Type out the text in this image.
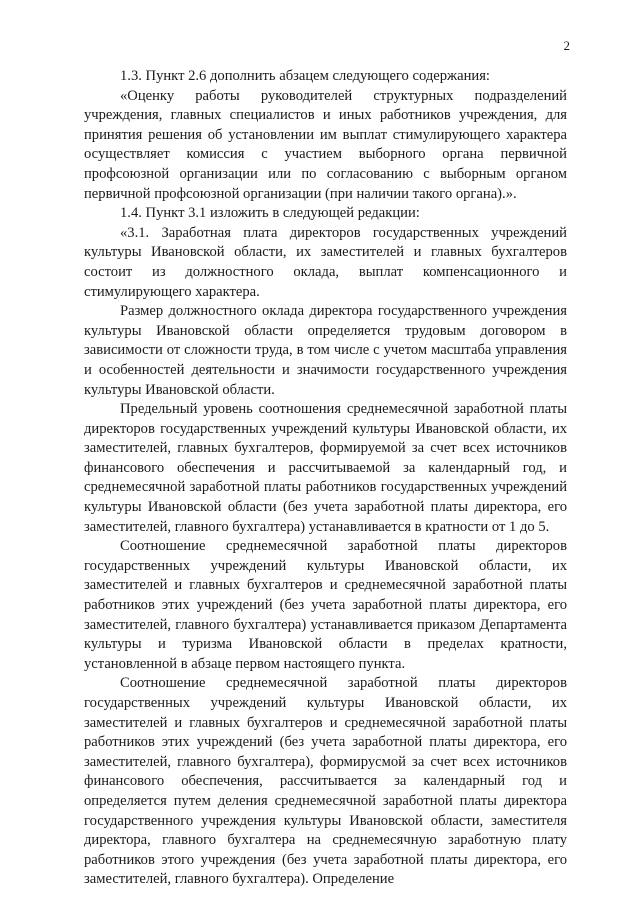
2

1.3. Пункт 2.6 дополнить абзацем следующего содержания:

«Оценку работы руководителей структурных подразделений учреждения, главных специалистов и иных работников учреждения, для принятия решения об установлении им выплат стимулирующего характера осуществляет комиссия с участием выборного органа первичной профсоюзной организации или по согласованию с выборным органом первичной профсоюзной организации (при наличии такого органа).».

1.4. Пункт 3.1 изложить в следующей редакции:

«3.1. Заработная плата директоров государственных учреждений культуры Ивановской области, их заместителей и главных бухгалтеров состоит из должностного оклада, выплат компенсационного и стимулирующего характера.

Размер должностного оклада директора государственного учреждения культуры Ивановской области определяется трудовым договором в зависимости от сложности труда, в том числе с учетом масштаба управления и особенностей деятельности и значимости государственного учреждения культуры Ивановской области.

Предельный уровень соотношения среднемесячной заработной платы директоров государственных учреждений культуры Ивановской области, их заместителей, главных бухгалтеров, формируемой за счет всех источников финансового обеспечения и рассчитываемой за календарный год, и среднемесячной заработной платы работников государственных учреждений культуры Ивановской области (без учета заработной платы директора, его заместителей, главного бухгалтера) устанавливается в кратности от 1 до 5.

Соотношение среднемесячной заработной платы директоров государственных учреждений культуры Ивановской области, их заместителей и главных бухгалтеров и среднемесячной заработной платы работников этих учреждений (без учета заработной платы директора, его заместителей, главного бухгалтера) устанавливается приказом Департамента культуры и туризма Ивановской области в пределах кратности, установленной в абзаце первом настоящего пункта.

Соотношение среднемесячной заработной платы директоров государственных учреждений культуры Ивановской области, их заместителей и главных бухгалтеров и среднемесячной заработной платы работников этих учреждений (без учета заработной платы директора, его заместителей, главного бухгалтера), формирусмой за счет всех источников финансового обеспечения, рассчитывается за календарный год и определяется путем деления среднемесячной заработной платы директора государственного учреждения культуры Ивановской области, заместителя директора, главного бухгалтера на среднемесячную заработную плату работников этого учреждения (без учета заработной платы директора, его заместителей, главного бухгалтера). Определение
